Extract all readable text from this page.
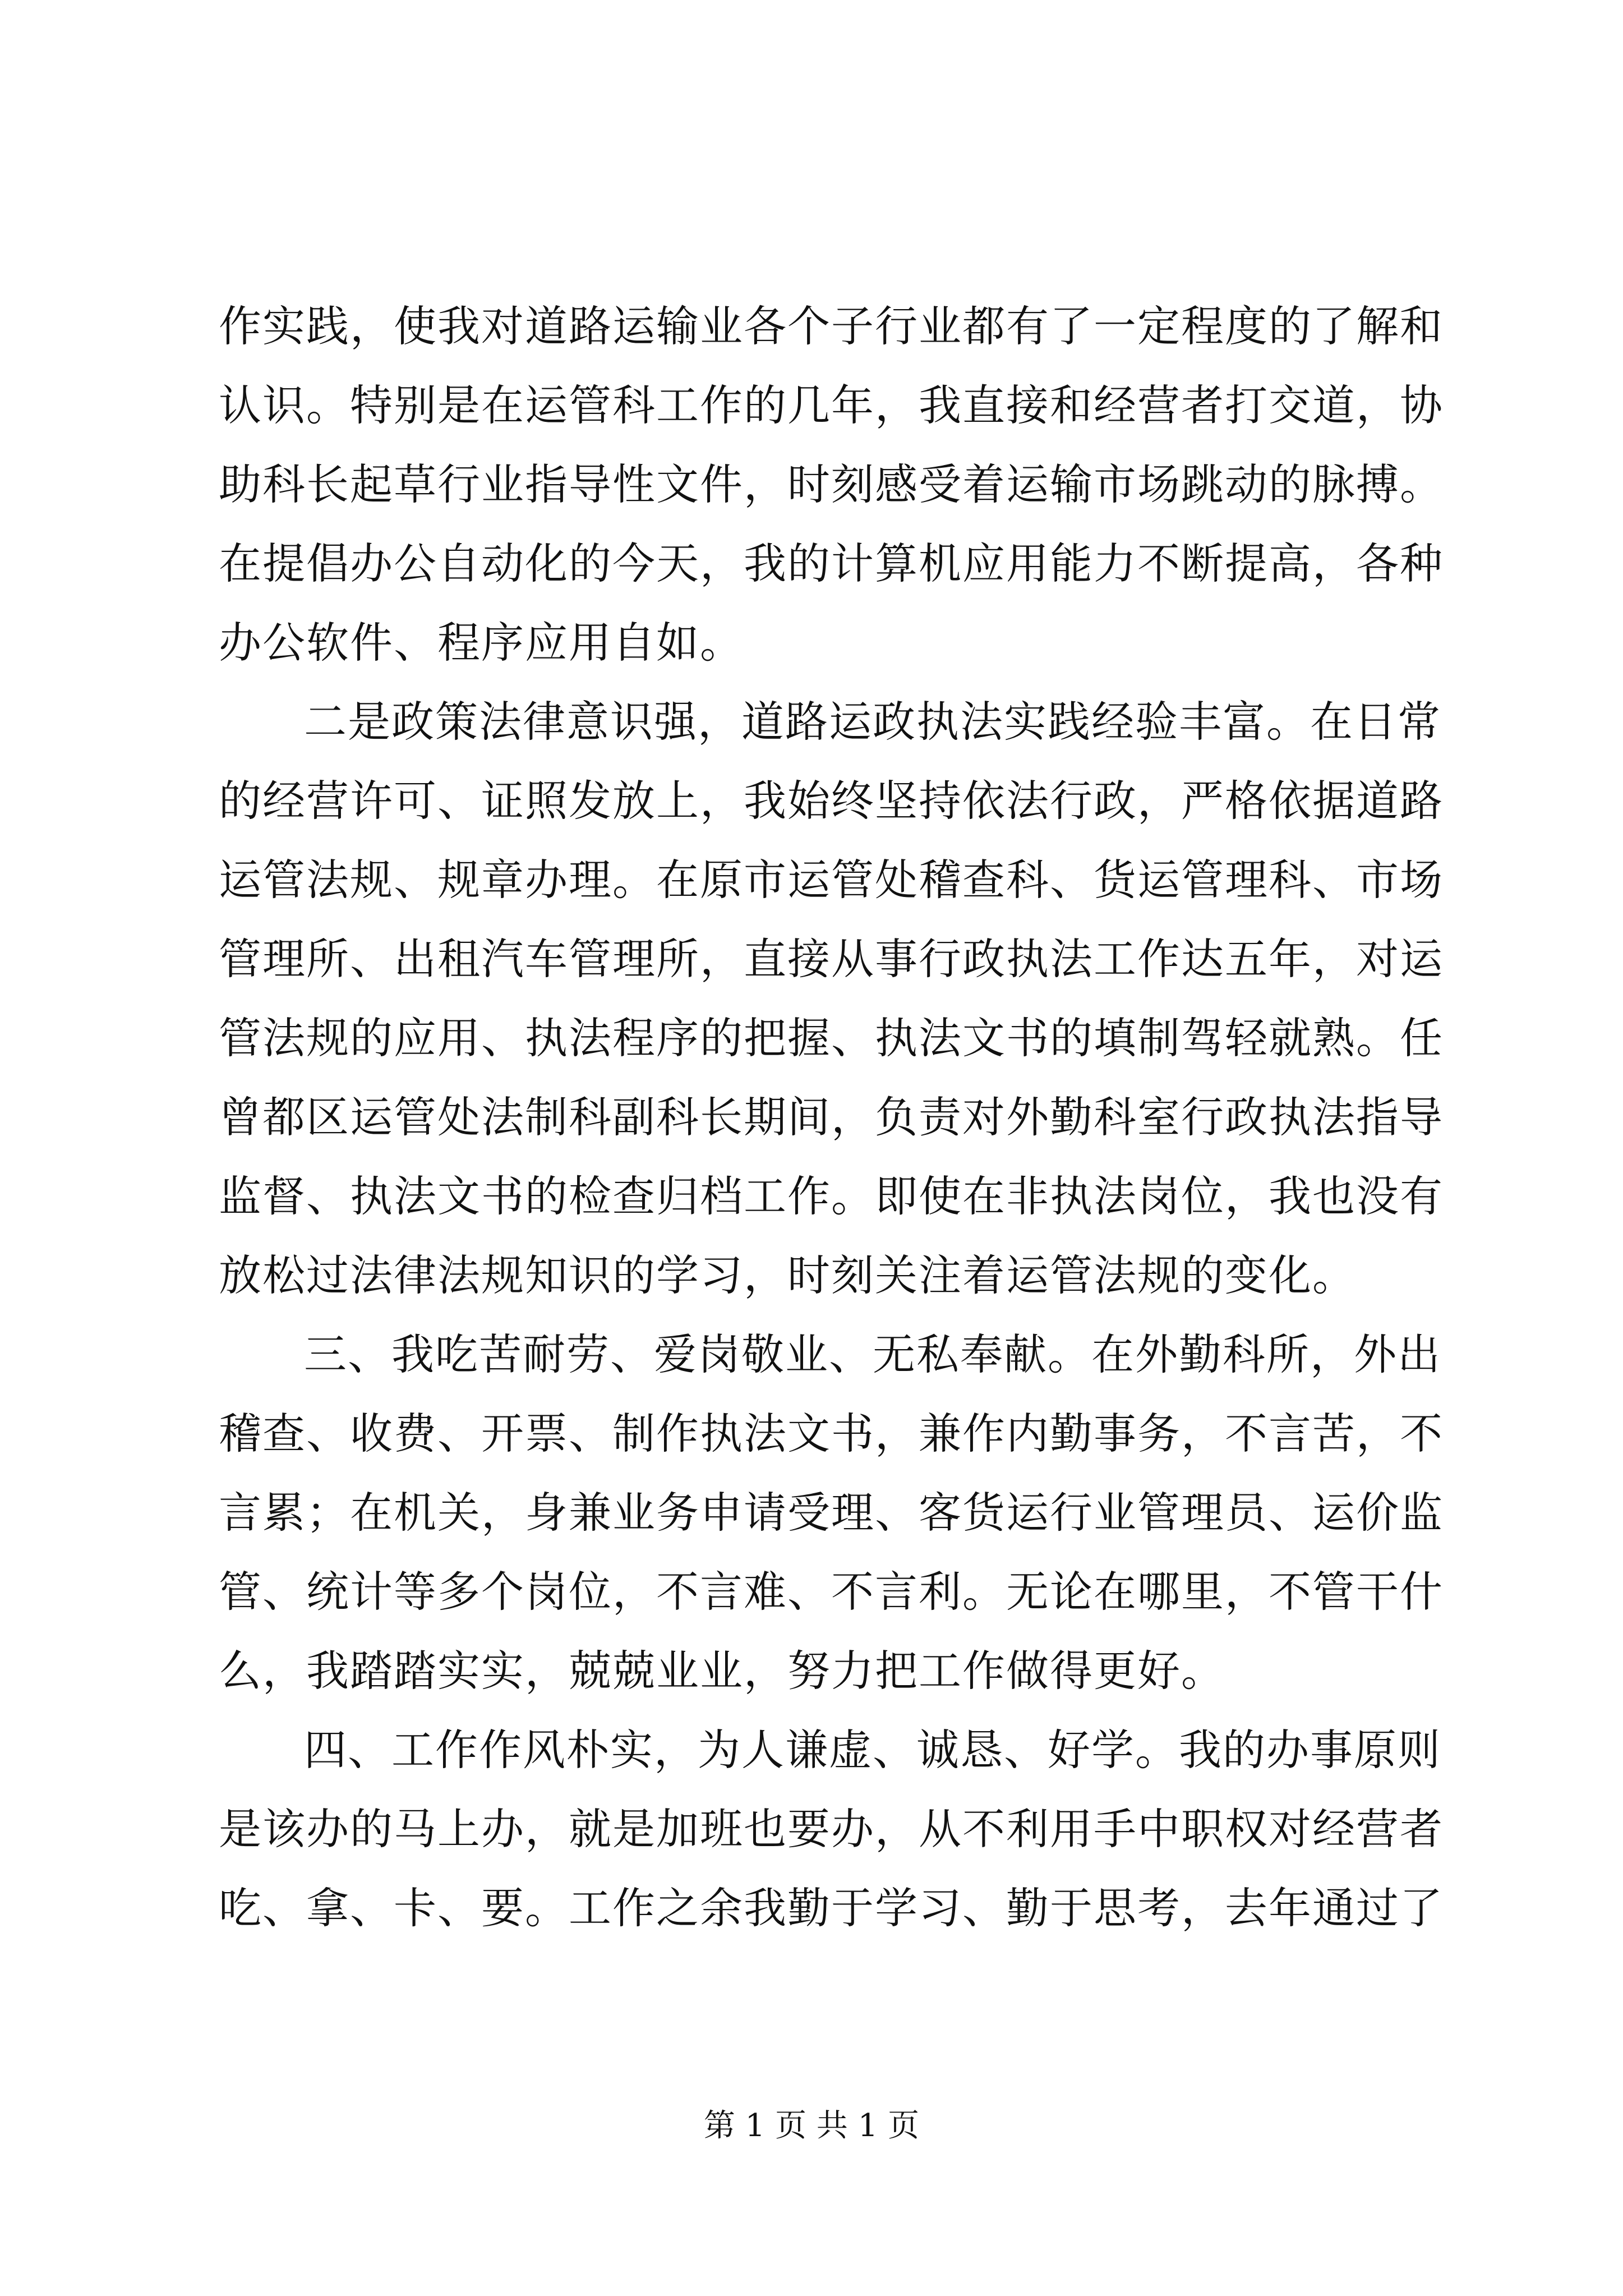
作实践，使我对道路运输业各个子行业都有了一定程度的了解和
认识。特别是在运管科工作的几年，我直接和经营者打交道，协
助科长起草行业指导性文件，时刻感受着运输市场跳动的脉搏。
在提倡办公自动化的今天，我的计算机应用能力不断提高，各种
办公软件、程序应用自如。
二是政策法律意识强，道路运政执法实践经验丰富。在日常
的经营许可、证照发放上，我始终坚持依法行政，严格依据道路
运管法规、规章办理。在原市运管处稽查科、货运管理科、市场
管理所、出租汽车管理所，直接从事行政执法工作达五年，对运
管法规的应用、执法程序的把握、执法文书的填制驾轻就熟。任
曾都区运管处法制科副科长期间，负责对外勤科室行政执法指导
监督、执法文书的检查归档工作。即使在非执法岗位，我也没有
放松过法律法规知识的学习，时刻关注着运管法规的变化。
三、我吃苦耐劳、爱岗敬业、无私奉献。在外勤科所，外出
稽查、收费、开票、制作执法文书，兼作内勤事务，不言苦，不
言累；在机关，身兼业务申请受理、客货运行业管理员、运价监
管、统计等多个岗位，不言难、不言利。无论在哪里，不管干什
么，我踏踏实实，兢兢业业，努力把工作做得更好。
四、工作作风朴实，为人谦虚、诚恳、好学。我的办事原则
是该办的马上办，就是加班也要办，从不利用手中职权对经营者
吃、拿、卡、要。工作之余我勤于学习、勤于思考，去年通过了
第 1 页 共 1 页
